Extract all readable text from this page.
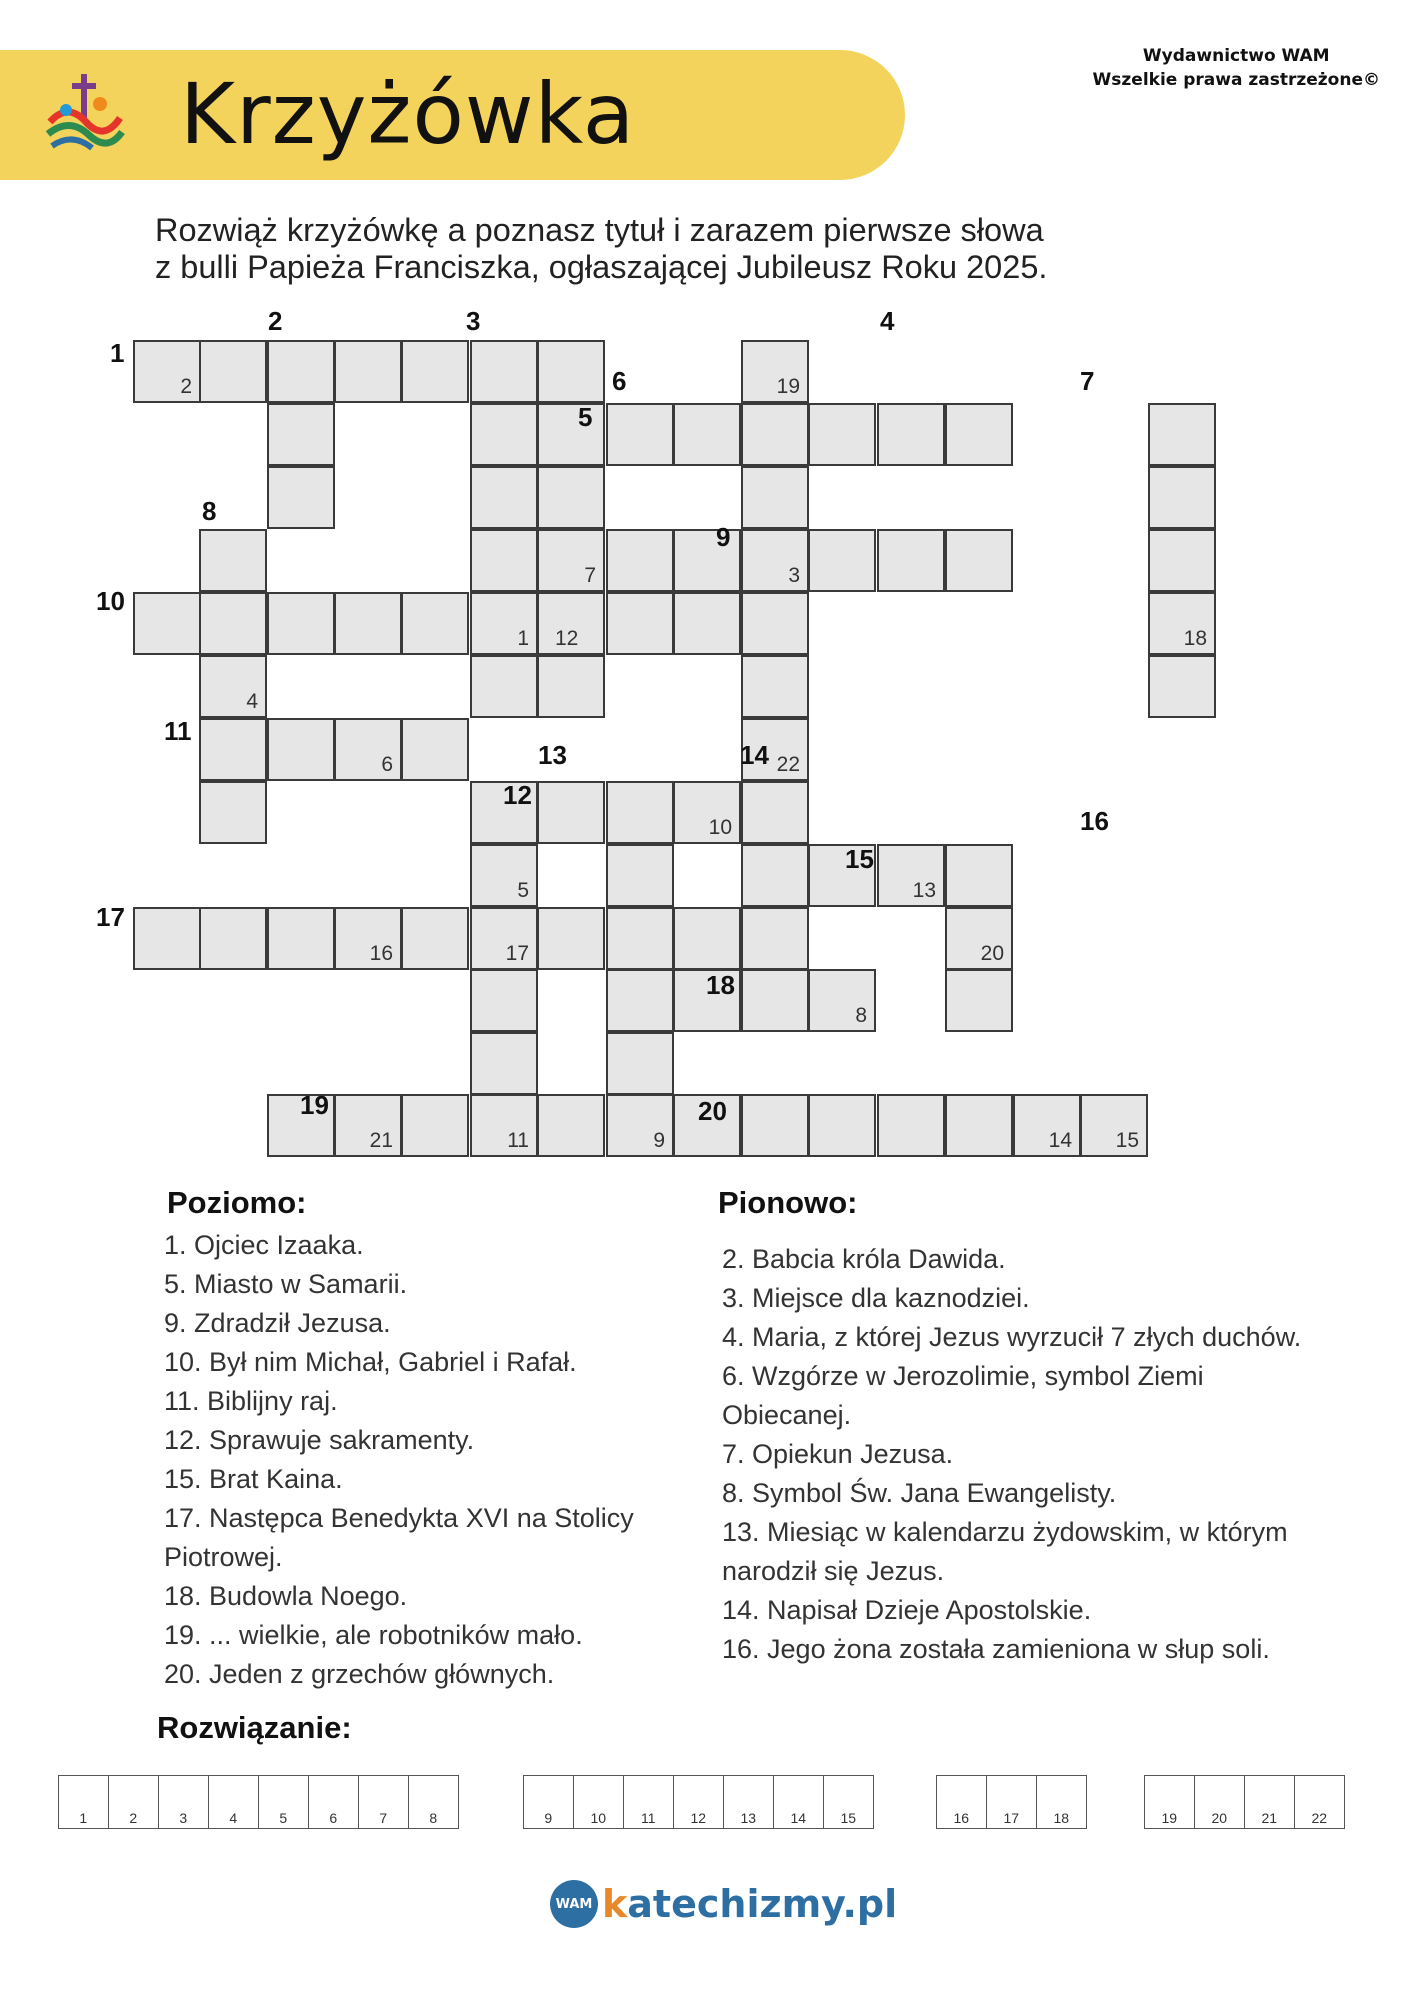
Krzyżówka
Wydawnictwo WAM
Wszelkie prawa zastrzeżone©
Rozwiąż krzyżówkę a poznasz tytuł i zarazem pierwsze słowa
z bulli Papieża Franciszka, ogłaszającej Jubileusz Roku 2025.
2	19
7	3
1 12	18
4
6	22
10
5	13
16	17	20
8
21	11	9	14 15
1
2	3	4
5
6	7
8
9
10
11
12
13	14
15
16
17
18
19	20
Poziomo:
1. Ojciec Izaaka.
5. Miasto w Samarii.
9. Zdradził Jezusa.
10. Był nim Michał, Gabriel i Rafał.
11. Biblijny raj.
12. Sprawuje sakramenty.
15. Brat Kaina.
17. Następca Benedykta XVI na Stolicy Piotrowej.
18. Budowla Noego.
19. ... wielkie, ale robotników mało.
20. Jeden z grzechów głównych.
Pionowo:
2. Babcia króla Dawida.
3. Miejsce dla kaznodziei.
4. Maria, z której Jezus wyrzucił 7 złych duchów.
6. Wzgórze w Jerozolimie, symbol Ziemi Obiecanej.
7. Opiekun Jezusa.
8. Symbol Św. Jana Ewangelisty.
13. Miesiąc w kalendarzu żydowskim, w którym narodził się Jezus.
14. Napisał Dzieje Apostolskie.
16. Jego żona została zamieniona w słup soli.
Rozwiązanie:
1	2	3	4	5	6	7	8	9	10	11	12	13	14	15	16	17	18	19	20	21	22
WAM katechizmy.pl
